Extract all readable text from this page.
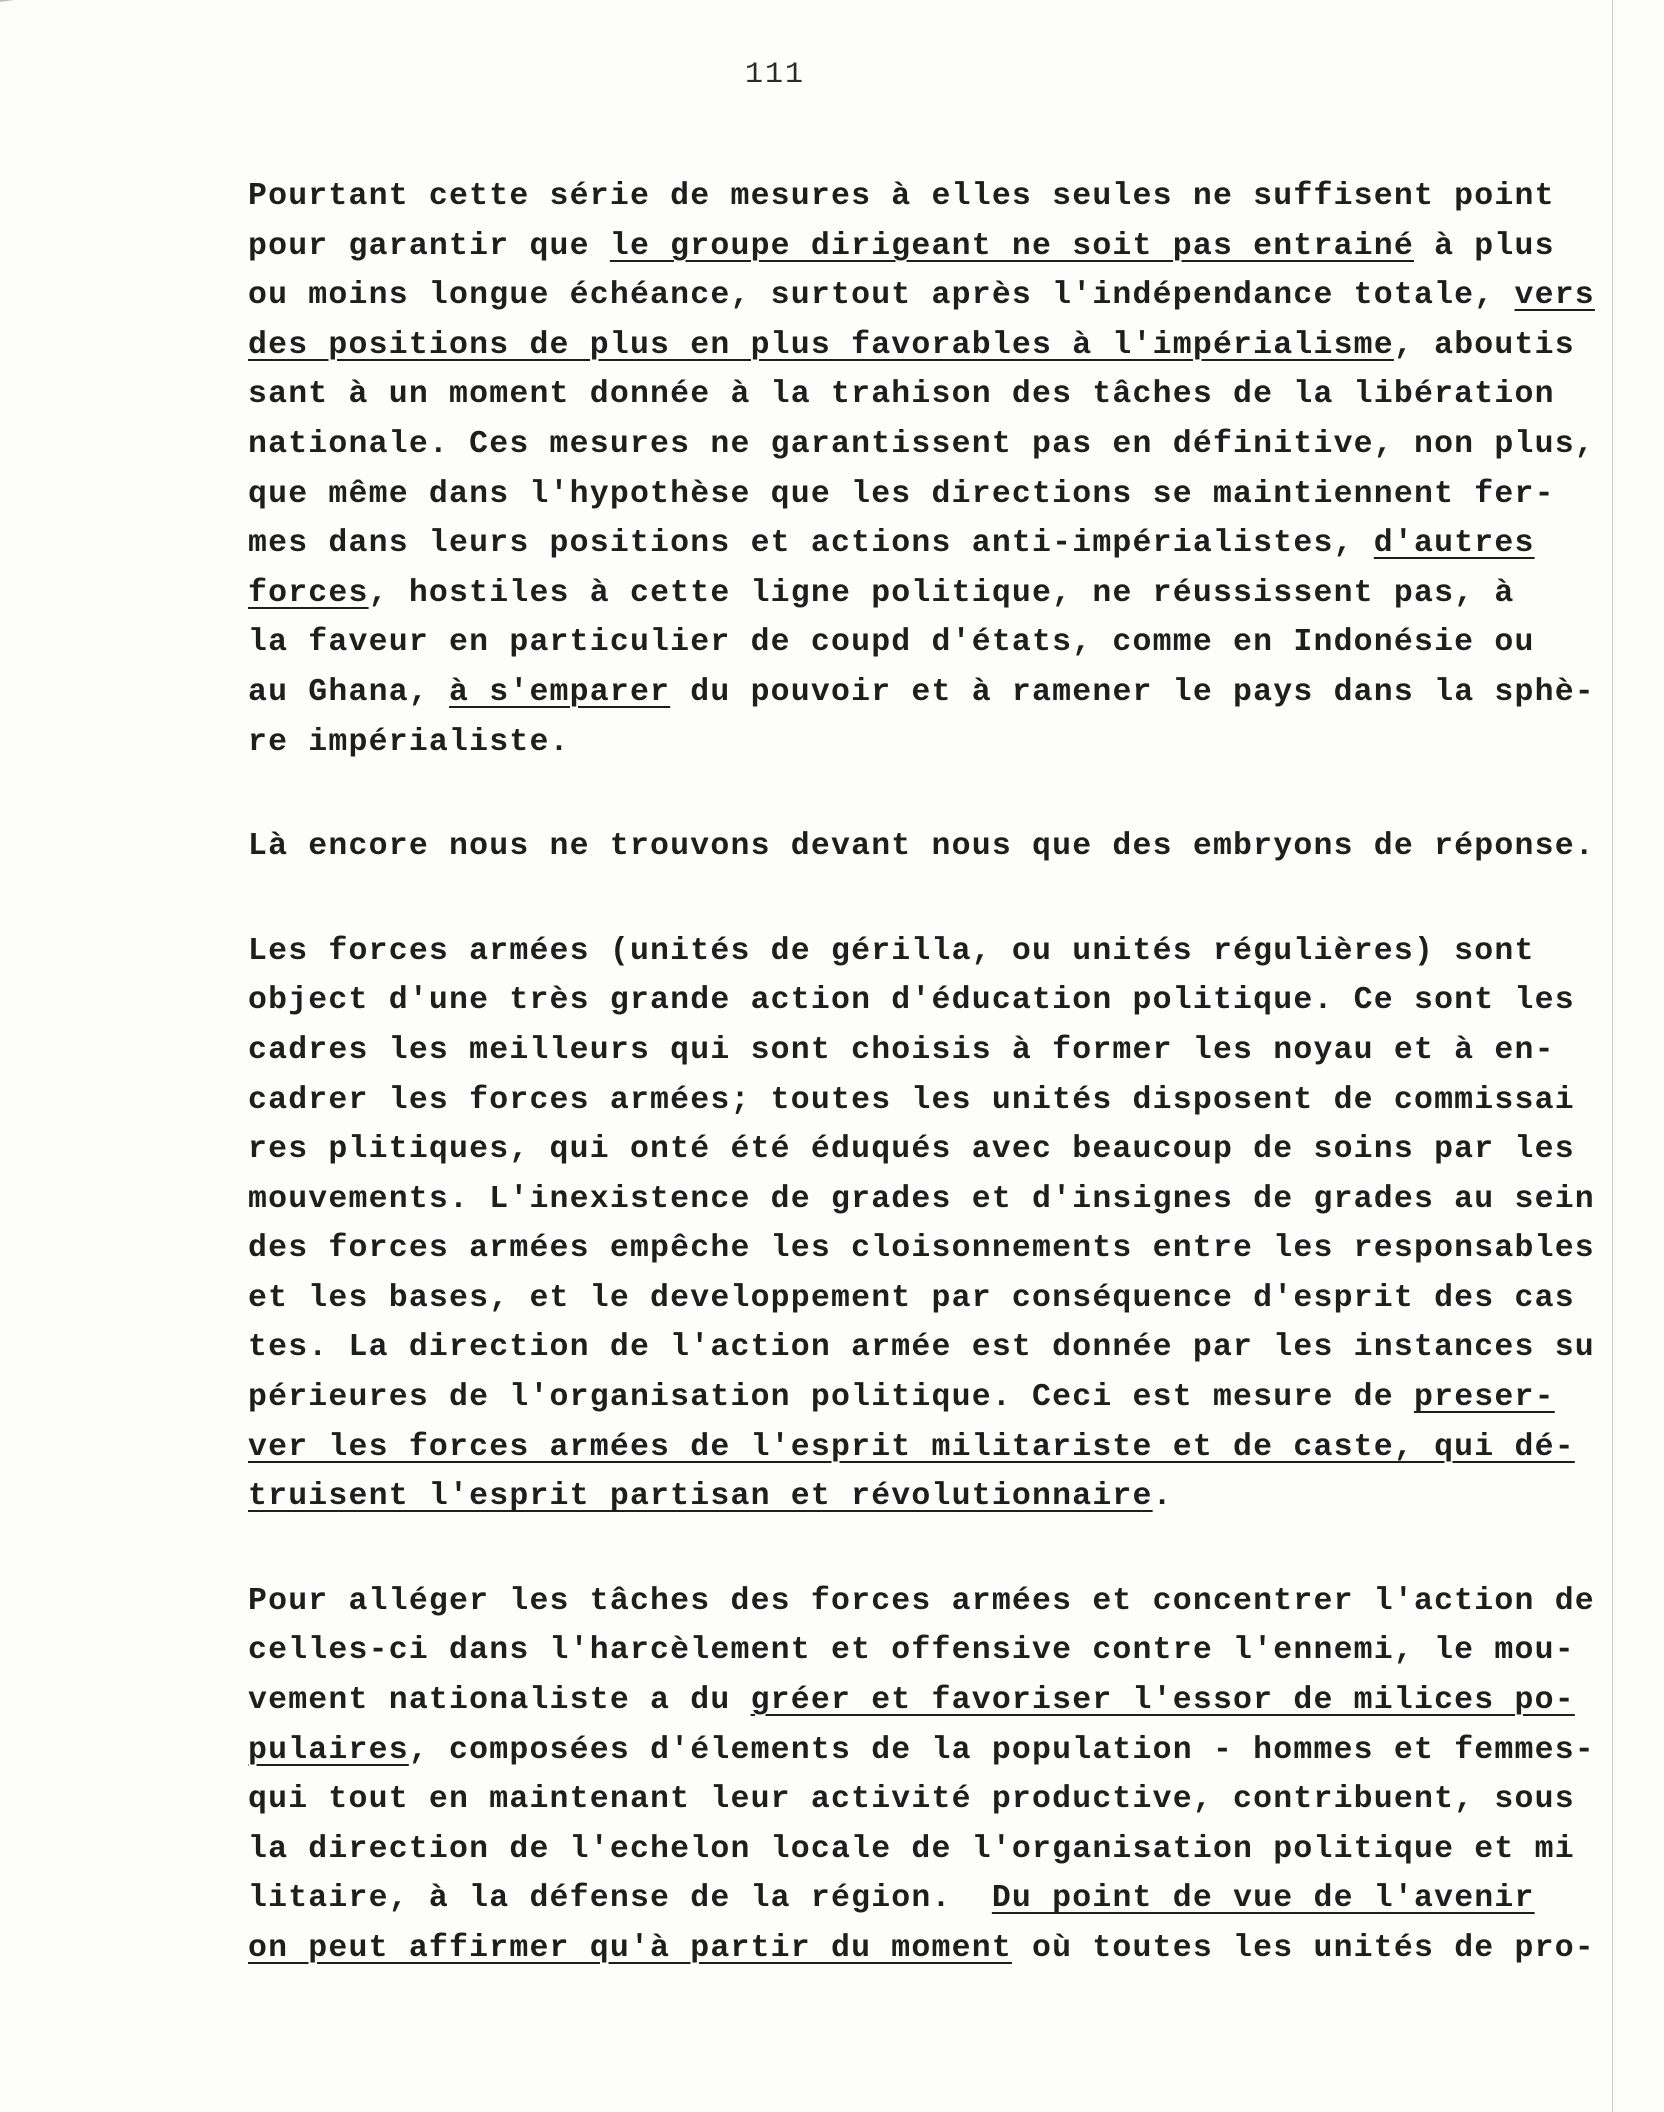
111
Pourtant cette série de mesures à elles seules ne suffisent point
pour garantir que le groupe dirigeant ne soit pas entrainé à plus
ou moins longue échéance, surtout après l'indépendance totale, vers
des positions de plus en plus favorables à l'impérialisme, aboutis
sant à un moment donnée à la trahison des tâches de la libération
nationale. Ces mesures ne garantissent pas en définitive, non plus,
que même dans l'hypothèse que les directions se maintiennent fer-
mes dans leurs positions et actions anti-impérialistes, d'autres
forces, hostiles à cette ligne politique, ne réussissent pas, à
la faveur en particulier de coupd d'états, comme en Indonésie ou
au Ghana, à s'emparer du pouvoir et à ramener le pays dans la sphè-
re impérialiste.
Là encore nous ne trouvons devant nous que des embryons de réponse.
Les forces armées (unités de gérilla, ou unités régulières) sont
object d'une très grande action d'éducation politique. Ce sont les
cadres les meilleurs qui sont choisis à former les noyau et à en-
cadrer les forces armées; toutes les unités disposent de commissai
res plitiques, qui onté été éduqués avec beaucoup de soins par les
mouvements. L'inexistence de grades et d'insignes de grades au sein
des forces armées empêche les cloisonnements entre les responsables
et les bases, et le developpement par conséquence d'esprit des cas
tes. La direction de l'action armée est donnée par les instances su
périeures de l'organisation politique. Ceci est mesure de preser-
ver les forces armées de l'esprit militariste et de caste, qui dé-
truisent l'esprit partisan et révolutionnaire.
Pour alléger les tâches des forces armées et concentrer l'action de
celles-ci dans l'harcèlement et offensive contre l'ennemi, le mou-
vement nationaliste a du gréer et favoriser l'essor de milices po-
pulaires, composées d'élements de la population - hommes et femmes-
qui tout en maintenant leur activité productive, contribuent, sous
la direction de l'echelon locale de l'organisation politique et mi
litaire, à la défense de la région.  Du point de vue de l'avenir
on peut affirmer qu'à partir du moment où toutes les unités de pro-
